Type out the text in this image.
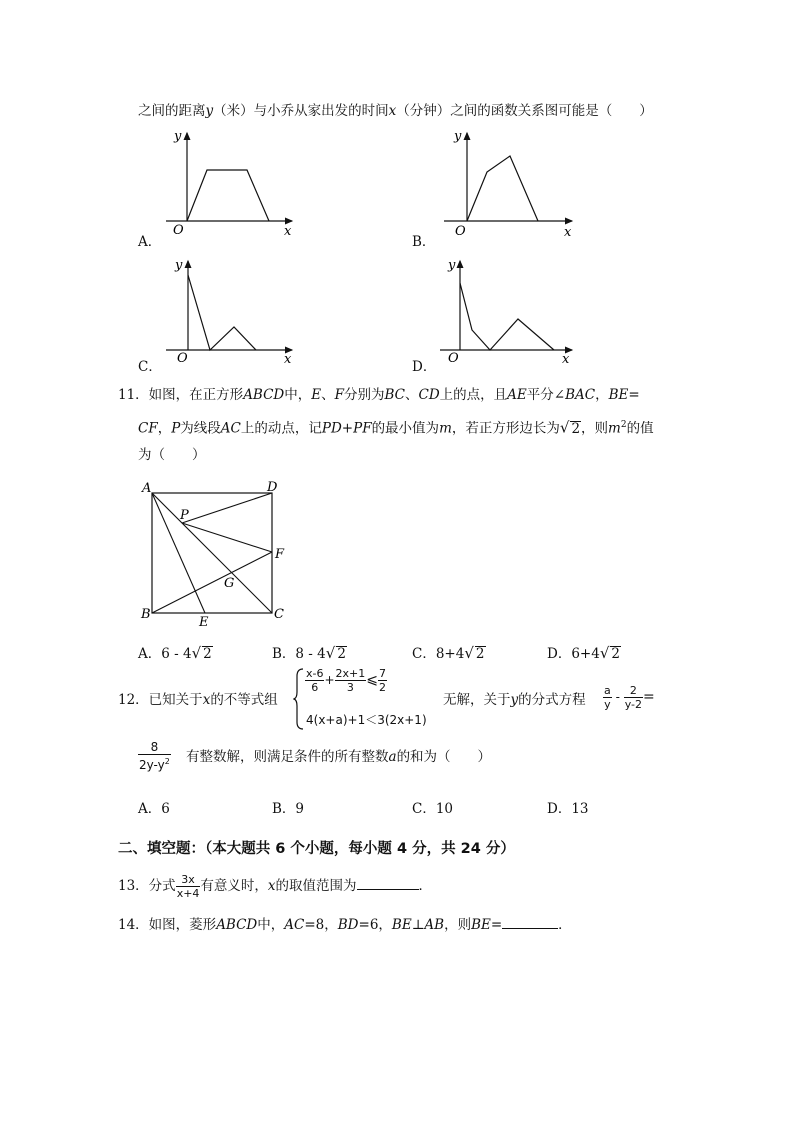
之间的距离y（米）与小乔从家出发的时间x（分钟）之间的函数关系图可能是（　　）
y
O	x
A．
y
O	x
B．
y
O	x
C．
y
O	x
D．
11．如图，在正方形ABCD中，E、F分别为BC、CD上的点，且AE平分∠BAC，BE=
CF，P为线段AC上的动点，记PD+PF的最小值为m，若正方形边长为√ 2，则$m^2$的值
为（　　）
A	D
P
F
G
B
E
C
A．6 - 4√ 2	B．8 - 4√ 2	C．8+4√ 2	D．6+4√ 2
12．已知关于x的不等式组
$\frac{x-6}{6} + \frac{2x+1}{3}$ ⩽ $\frac{7}{2}$
4(x+a)+1＜3(2x+1)
无解，关于y的分式方程 $\frac{a}{y} - \frac{2}{y-2}$ =
$\frac{8}{2y-y^2}$ 有整数解，则满足条件的所有整数a的和为（　　）
A．6	B．9	C．10	D．13
二、填空题：（本大题共 6 个小题，每小题 4 分，共 24 分）
13．分式 $\frac{3x}{x+4}$ 有意义时，x的取值范围为	．
14．如图，菱形ABCD中，AC=8，BD=6，BE⊥AB，则BE=	．
